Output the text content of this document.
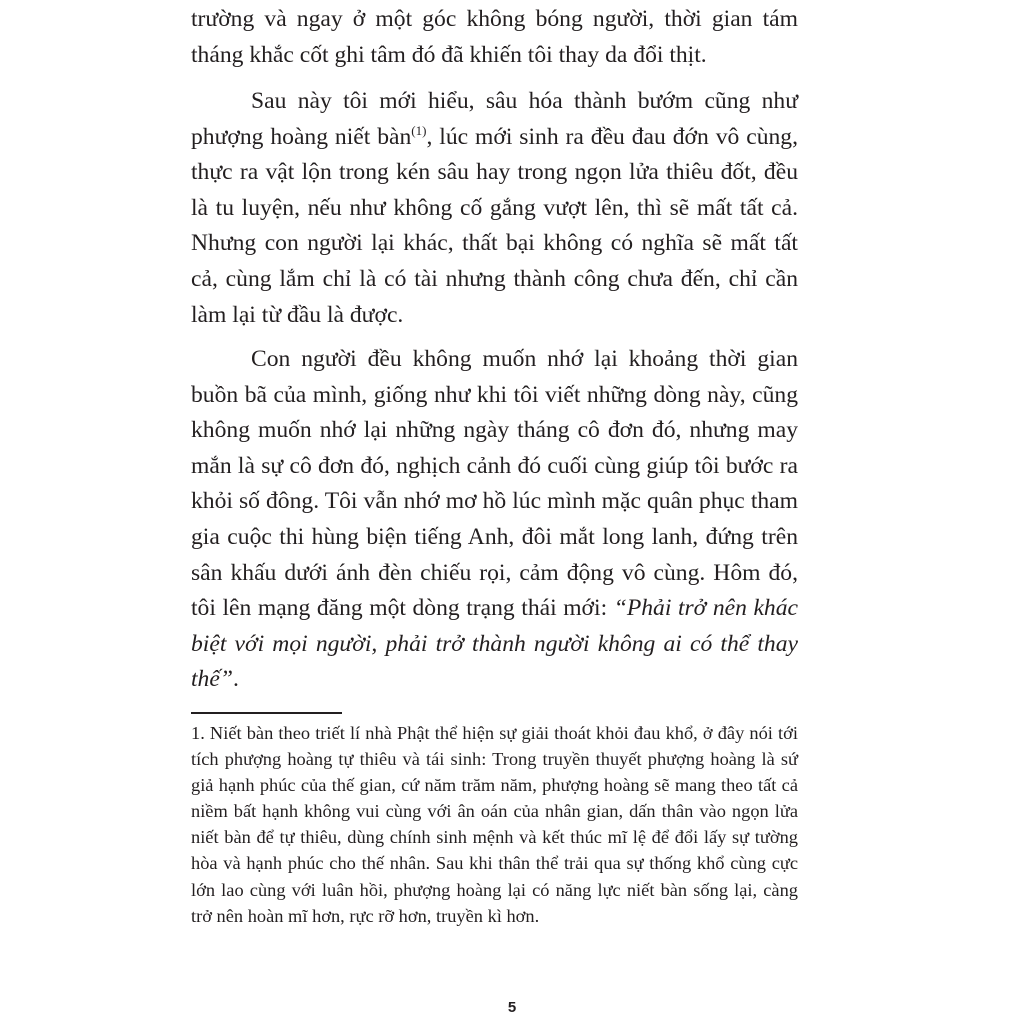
trường và ngay ở một góc không bóng người, thời gian tám tháng khắc cốt ghi tâm đó đã khiến tôi thay da đổi thịt.

Sau này tôi mới hiểu, sâu hóa thành bướm cũng như phượng hoàng niết bàn$^{(1)}$, lúc mới sinh ra đều đau đớn vô cùng, thực ra vật lộn trong kén sâu hay trong ngọn lửa thiêu đốt, đều là tu luyện, nếu như không cố gắng vượt lên, thì sẽ mất tất cả. Nhưng con người lại khác, thất bại không có nghĩa sẽ mất tất cả, cùng lắm chỉ là có tài nhưng thành công chưa đến, chỉ cần làm lại từ đầu là được.

Con người đều không muốn nhớ lại khoảng thời gian buồn bã của mình, giống như khi tôi viết những dòng này, cũng không muốn nhớ lại những ngày tháng cô đơn đó, nhưng may mắn là sự cô đơn đó, nghịch cảnh đó cuối cùng giúp tôi bước ra khỏi số đông. Tôi vẫn nhớ mơ hồ lúc mình mặc quân phục tham gia cuộc thi hùng biện tiếng Anh, đôi mắt long lanh, đứng trên sân khấu dưới ánh đèn chiếu rọi, cảm động vô cùng. Hôm đó, tôi lên mạng đăng một dòng trạng thái mới: “Phải trở nên khác biệt với mọi người, phải trở thành người không ai có thể thay thế”.

1. Niết bàn theo triết lí nhà Phật thể hiện sự giải thoát khỏi đau khổ, ở đây nói tới tích phượng hoàng tự thiêu và tái sinh: Trong truyền thuyết phượng hoàng là sứ giả hạnh phúc của thế gian, cứ năm trăm năm, phượng hoàng sẽ mang theo tất cả niềm bất hạnh không vui cùng với ân oán của nhân gian, dấn thân vào ngọn lửa niết bàn để tự thiêu, dùng chính sinh mệnh và kết thúc mĩ lệ để đổi lấy sự tường hòa và hạnh phúc cho thế nhân. Sau khi thân thể trải qua sự thống khổ cùng cực lớn lao cùng với luân hồi, phượng hoàng lại có năng lực niết bàn sống lại, càng trở nên hoàn mĩ hơn, rực rỡ hơn, truyền kì hơn.

5
